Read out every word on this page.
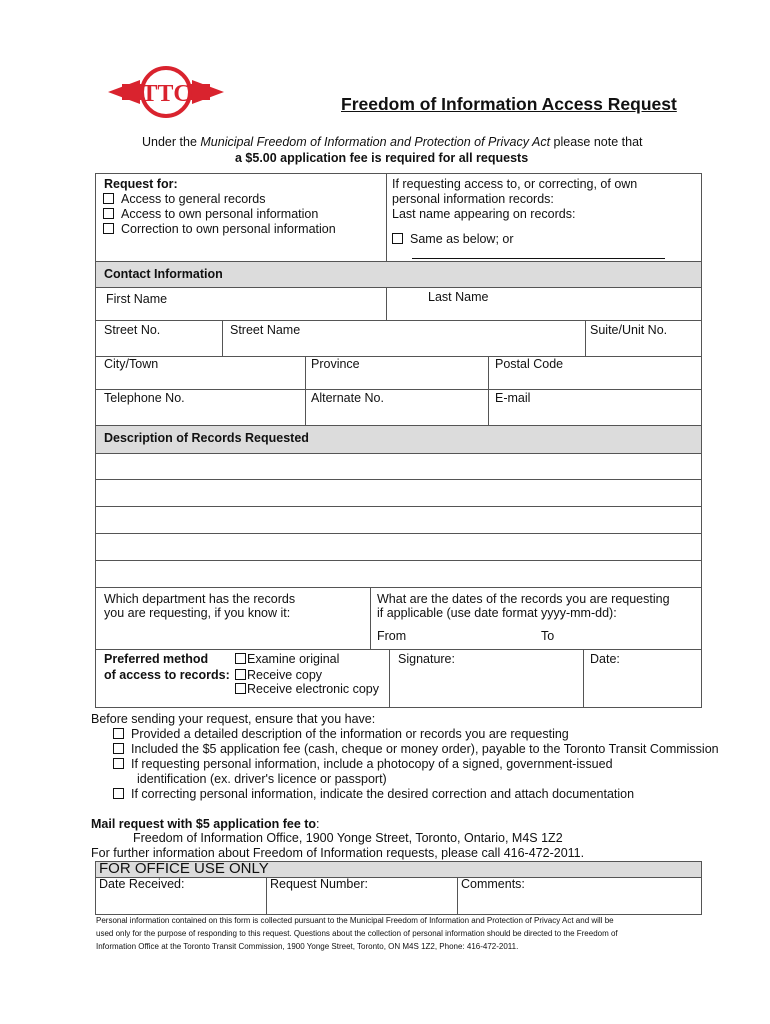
TTC	Freedom of Information Access Request
Under the Municipal Freedom of Information and Protection of Privacy Act please note that
a $5.00 application fee is required for all requests
Request for:
Access to general records
Access to own personal information
Correction to own personal information
If requesting access to, or correcting, of own
personal information records:
Last name appearing on records:
Same as below; or
Contact Information
First Name	Last Name
Street No.	Street Name	Suite/Unit No.
City/Town	Province	Postal Code
Telephone No.	Alternate No.	E-mail
Description of Records Requested
Which department has the records
you are requesting, if you know it:
What are the dates of the records you are requesting
if applicable (use date format yyyy-mm-dd):
From	To
Preferred method
of access to records:
Examine original
Receive copy
Receive electronic copy
Signature:	Date:
Before sending your request, ensure that you have:
Provided a detailed description of the information or records you are requesting
Included the $5 application fee (cash, cheque or money order), payable to the Toronto Transit Commission
If requesting personal information, include a photocopy of a signed, government-issued
identification (ex. driver's licence or passport)
If correcting personal information, indicate the desired correction and attach documentation
Mail request with $5 application fee to:
Freedom of Information Office, 1900 Yonge Street, Toronto, Ontario, M4S 1Z2
For further information about Freedom of Information requests, please call 416-472-2011.
FOR OFFICE USE ONLY
Date Received:	Request Number:	Comments:
Personal information contained on this form is collected pursuant to the Municipal Freedom of Information and Protection of Privacy Act and will be
used only for the purpose of responding to this request. Questions about the collection of personal information should be directed to the Freedom of
Information Office at the Toronto Transit Commission, 1900 Yonge Street, Toronto, ON M4S 1Z2, Phone: 416-472-2011.
